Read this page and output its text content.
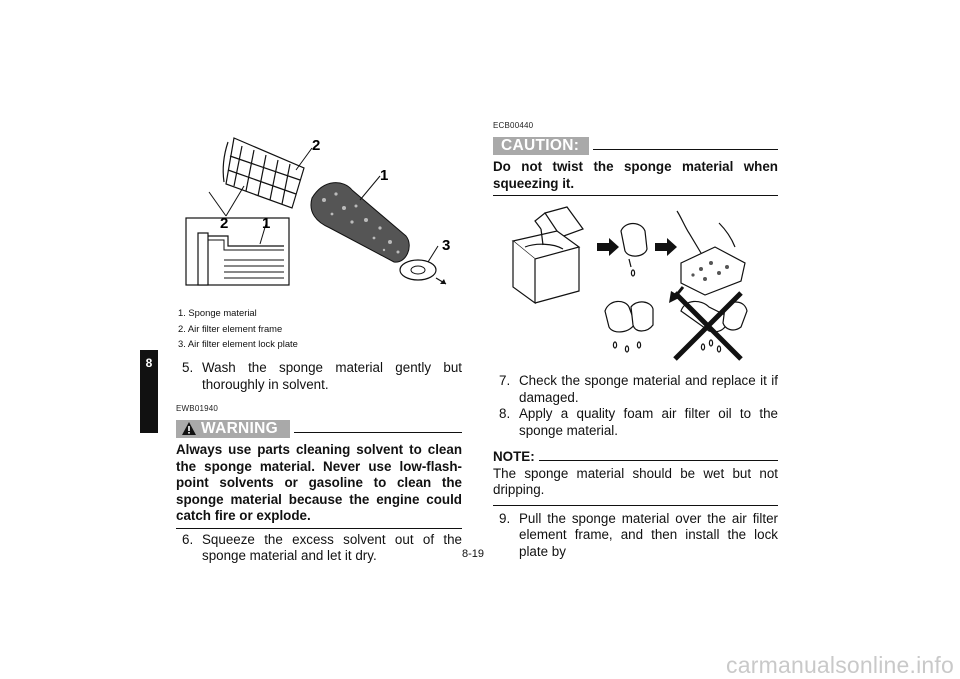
8
2
1
3
2 1
1. Sponge material
2. Air filter element frame
3. Air filter element lock plate
5. Wash the sponge material gently but thoroughly in solvent.
EWB01940
WARNING
Always use parts cleaning solvent to clean the sponge material. Never use low-flash-point solvents or gasoline to clean the sponge material because the engine could catch fire or explode.
6. Squeeze the excess solvent out of the sponge material and let it dry.
ECB00440
CAUTION:
Do not twist the sponge material when squeezing it.
7. Check the sponge material and replace it if damaged.
8. Apply a quality foam air filter oil to the sponge material.
NOTE:
The sponge material should be wet but not dripping.
9. Pull the sponge material over the air filter element frame, and then install the lock plate by
8-19
carmanualsonline.info
